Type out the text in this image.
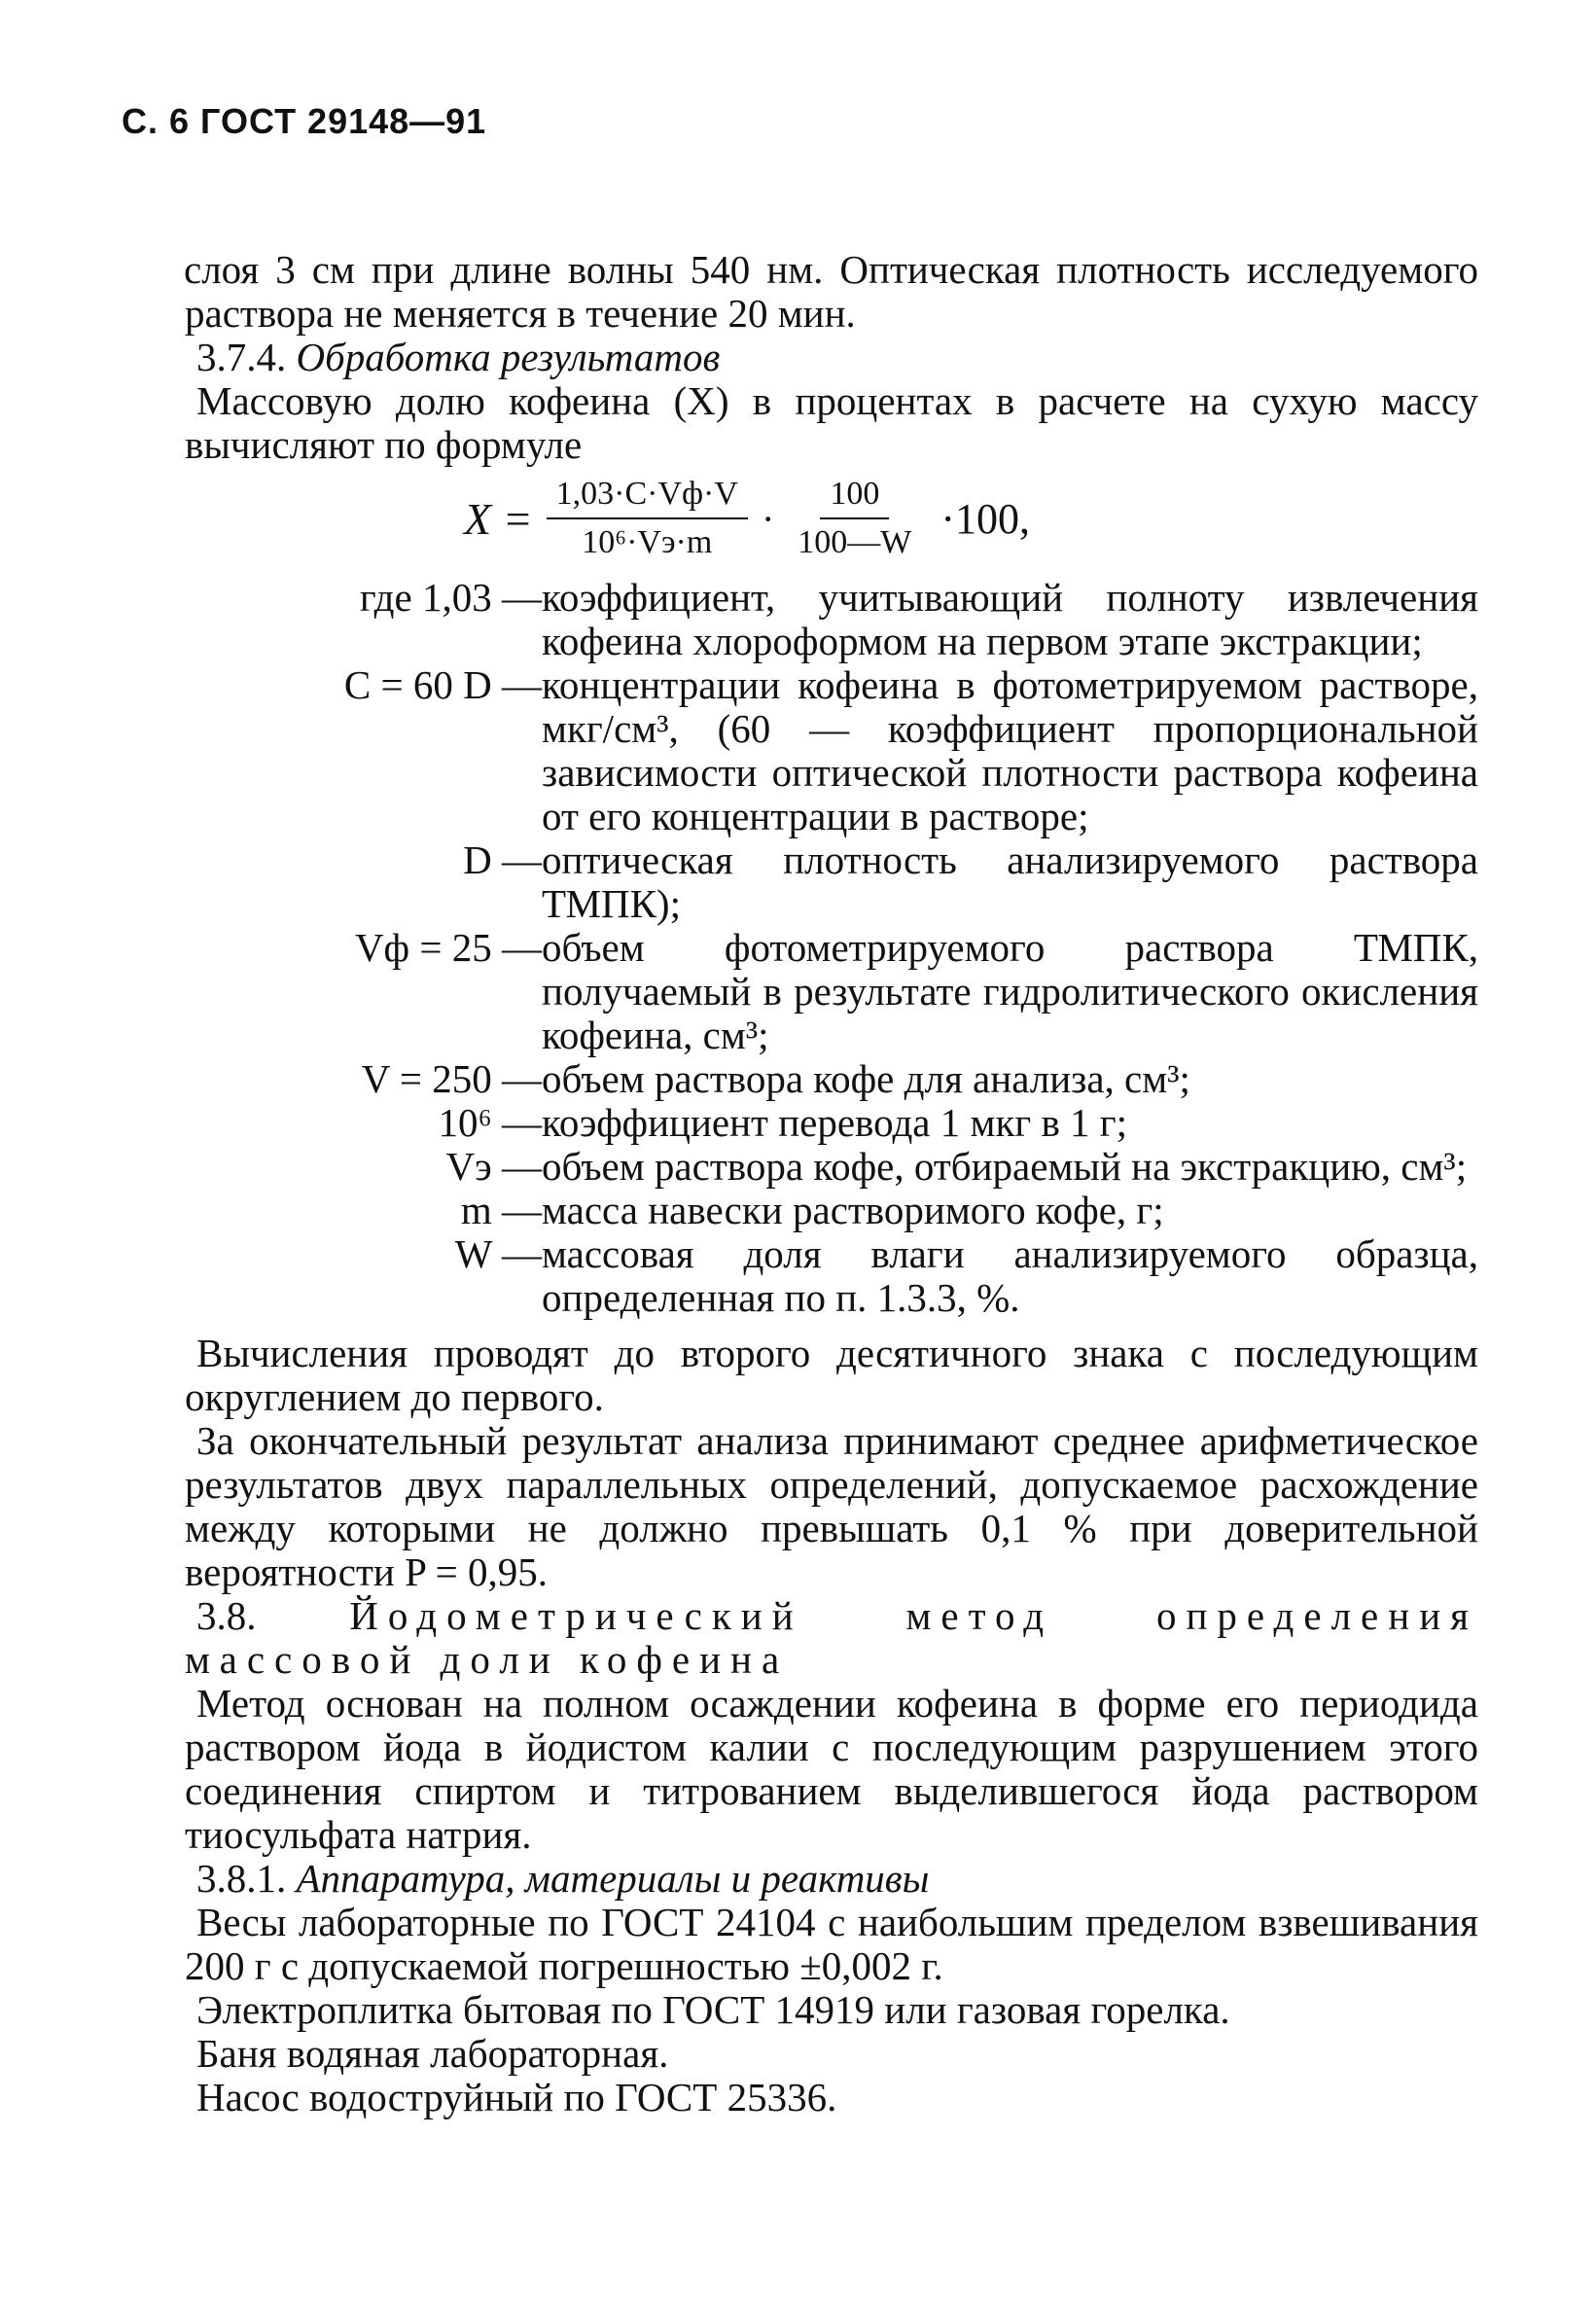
С. 6 ГОСТ 29148—91

слоя 3 см при длине волны 540 нм. Оптическая плотность исследуемого раствора не меняется в течение 20 мин.

3.7.4. Обработка результатов

Массовую долю кофеина (X) в процентах в расчете на сухую массу вычисляют по формуле

$X = \frac{1,03\cdot C\cdot Vф\cdot V}{\text{10⁶·Vэ·m}} \cdot \frac{100}{100—W} \cdot 100$,
где 1,03 — коэффициент, учитывающий полноту извлечения кофеина хлороформом на первом этапе экстракции;
C = 60 D — концентрации кофеина в фотометрируемом растворе, мкг/см³, (60 — коэффициент пропорциональной зависимости оптической плотности раствора кофеина от его концентрации в растворе;
D — оптическая плотность анализируемого раствора ТМПК);
Vф = 25 — объем фотометрируемого раствора ТМПК, получаемый в результате гидролитического окисления кофеина, см³;
V = 250 — объем раствора кофе для анализа, см³;
10⁶ — коэффициент перевода 1 мкг в 1 г;
Vэ — объем раствора кофе, отбираемый на экстракцию, см³;
m — масса навески растворимого кофе, г;
W — массовая доля влаги анализируемого образца, определенная по п. 1.3.3, %.

Вычисления проводят до второго десятичного знака с последующим округлением до первого.

За окончательный результат анализа принимают среднее арифметическое результатов двух параллельных определений, допускаемое расхождение между которыми не должно превышать 0,1 % при доверительной вероятности P = 0,95.

3.8. Йодометрический метод определения массовой доли кофеина

Метод основан на полном осаждении кофеина в форме его периодида раствором йода в йодистом калии с последующим разрушением этого соединения спиртом и титрованием выделившегося йода раствором тиосульфата натрия.

3.8.1. Аппаратура, материалы и реактивы

Весы лабораторные по ГОСТ 24104 с наибольшим пределом взвешивания 200 г с допускаемой погрешностью ±0,002 г.

Электроплитка бытовая по ГОСТ 14919 или газовая горелка.

Баня водяная лабораторная.

Насос водоструйный по ГОСТ 25336.
